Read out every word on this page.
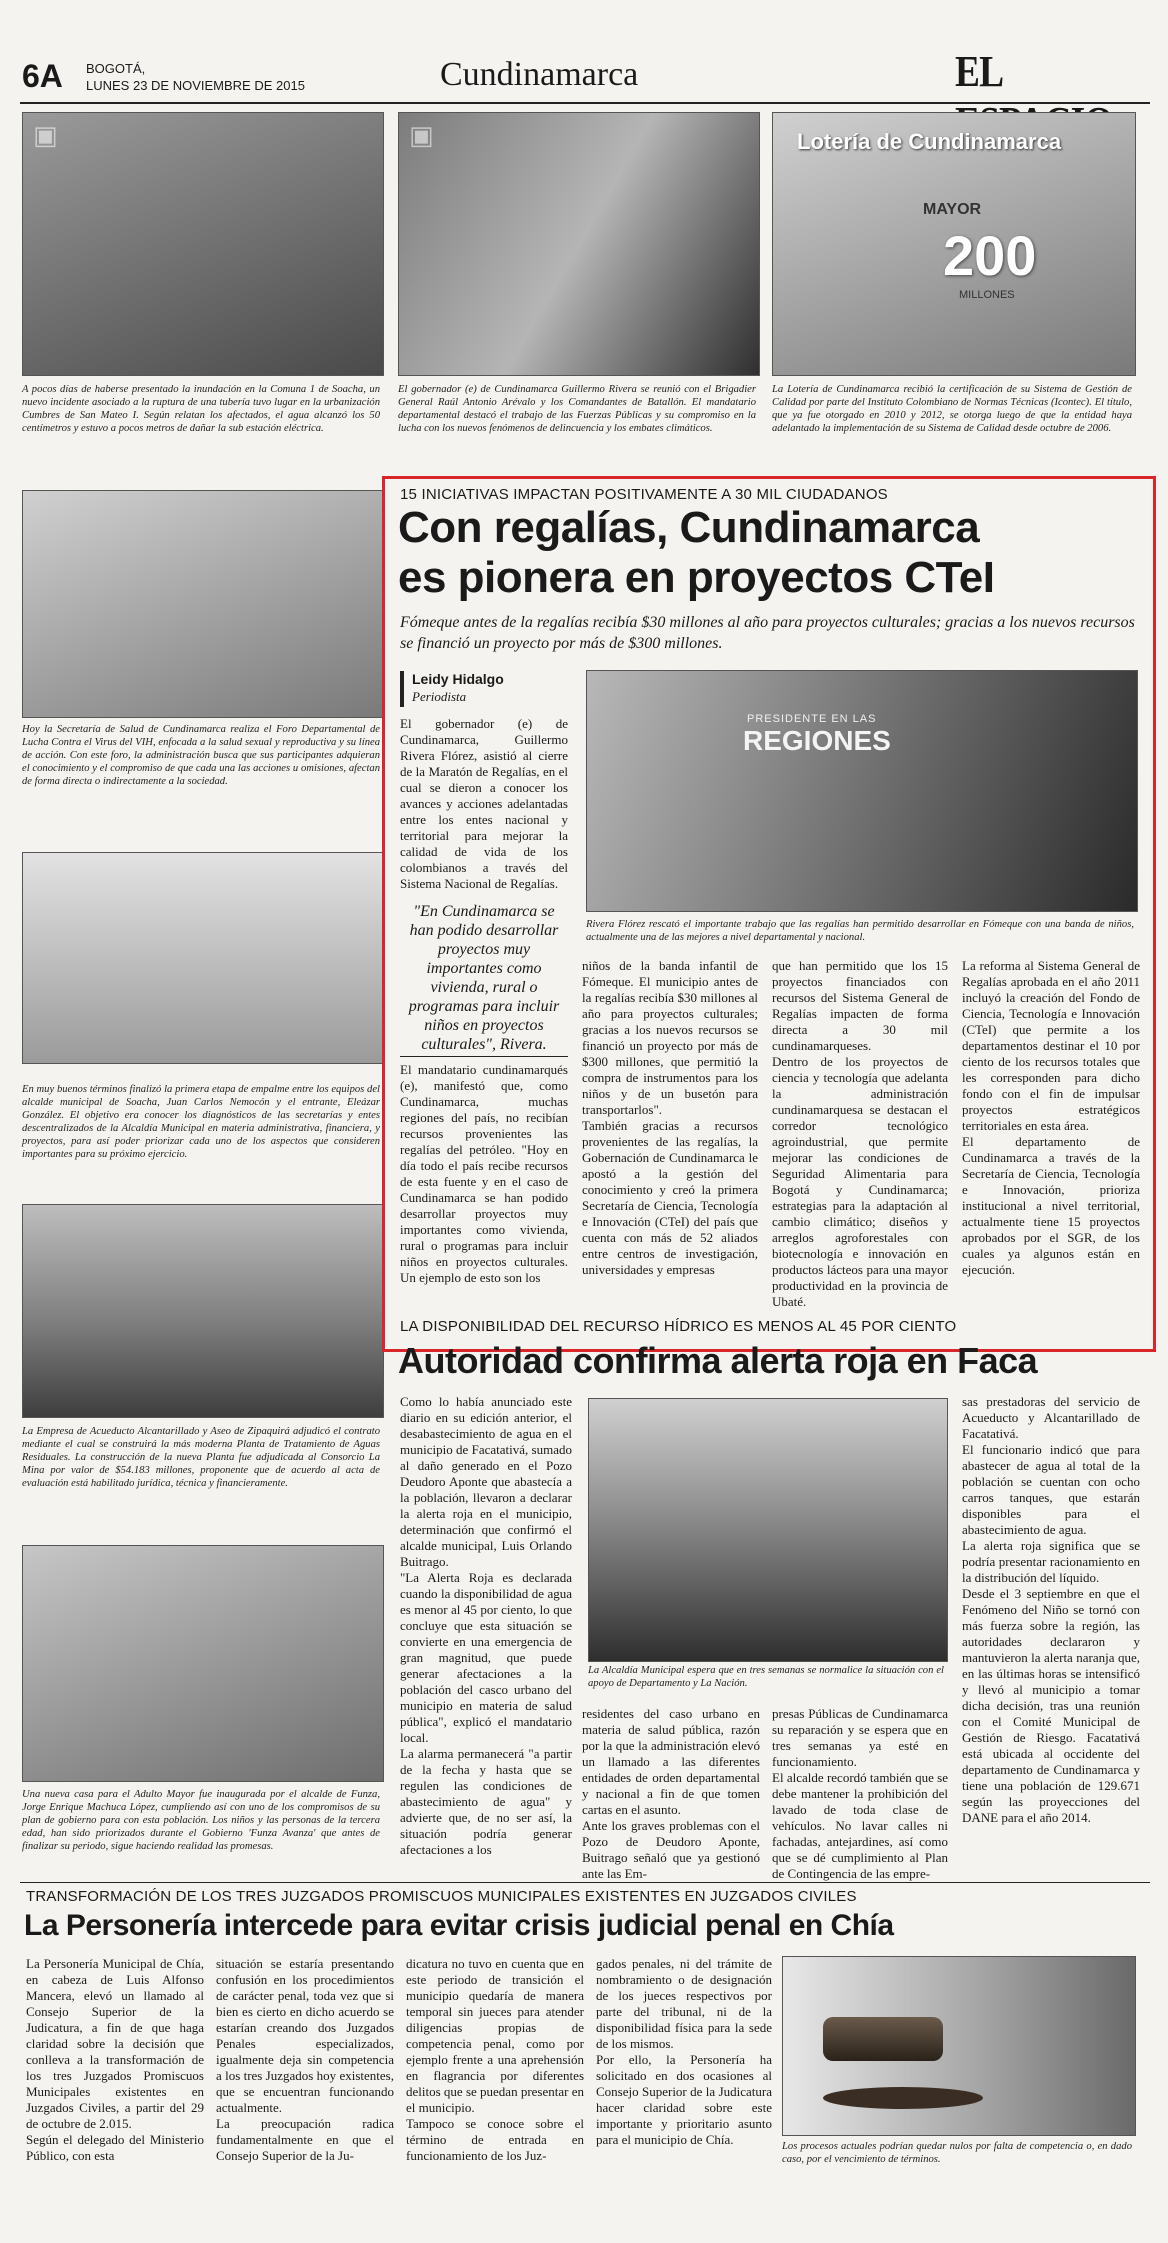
6A BOGOTÁ,
LUNES 23 DE NOVIEMBRE DE 2015	Cundinamarca	EL
▣
A pocos días de haberse presentado la inundación en la Comuna 1 de Soacha, un nuevo incidente asociado a la ruptura de una tubería tuvo lugar en la urbanización Cumbres de San Mateo I. Según relatan los afectados, el agua alcanzó los 50 centímetros y estuvo a pocos metros de dañar la sub estación eléctrica.
▣
El gobernador (e) de Cundinamarca Guillermo Rivera se reunió con el Brigadier General Raúl Antonio Arévalo y los Comandantes de Batallón. El mandatario departamental destacó el trabajo de las Fuerzas Públicas y su compromiso en la lucha con los nuevos fenómenos de delincuencia y los embates climáticos.
Lotería de Cundinamarca
MAYOR
200
MILLONES
La Lotería de Cundinamarca recibió la certificación de su Sistema de Gestión de Calidad por parte del Instituto Colombiano de Normas Técnicas (Icontec). El título, que ya fue otorgado en 2010 y 2012, se otorga luego de que la entidad haya adelantado la implementación de su Sistema de Calidad desde octubre de 2006.
Hoy la Secretaría de Salud de Cundinamarca realiza el Foro Departamental de Lucha Contra el Virus del VIH, enfocada a la salud sexual y reproductiva y su línea de acción. Con este foro, la administración busca que sus participantes adquieran el conocimiento y el compromiso de que cada una las acciones u omisiones, afectan de forma directa o indirectamente a la sociedad.
En muy buenos términos finalizó la primera etapa de empalme entre los equipos del alcalde municipal de Soacha, Juan Carlos Nemocón y el entrante, Eleázar González. El objetivo era conocer los diagnósticos de las secretarías y entes descentralizados de la Alcaldía Municipal en materia administrativa, financiera, y proyectos, para así poder priorizar cada uno de los aspectos que consideren importantes para su próximo ejercicio.
La Empresa de Acueducto Alcantarillado y Aseo de Zipaquirá adjudicó el contrato mediante el cual se construirá la más moderna Planta de Tratamiento de Aguas Residuales. La construcción de la nueva Planta fue adjudicada al Consorcio La Mina por valor de $54.183 millones, proponente que de acuerdo al acta de evaluación está habilitado jurídica, técnica y financieramente.
Una nueva casa para el Adulto Mayor fue inaugurada por el alcalde de Funza, Jorge Enrique Machuca López, cumpliendo así con uno de los compromisos de su plan de gobierno para con esta población. Los niños y las personas de la tercera edad, han sido priorizados durante el Gobierno 'Funza Avanza' que antes de finalizar su periodo, sigue haciendo realidad las promesas.
15 INICIATIVAS IMPACTAN POSITIVAMENTE A 30 MIL CIUDADANOS
Con regalías, Cundinamarca
es pionera en proyectos CTeI
Fómeque antes de la regalías recibía $30 millones al año para proyectos culturales; gracias a los nuevos recursos se financió un proyecto por más de $300 millones.
Leidy Hidalgo
Periodista
El gobernador (e) de Cundinamarca, Guillermo Rivera Flórez, asistió al cierre de la Maratón de Regalías, en el cual se dieron a conocer los avances y acciones adelantadas entre los entes nacional y territorial para mejorar la calidad de vida de los colombianos a través del Sistema Nacional de Regalías.
PRESIDENTE EN LAS
REGIONES
Rivera Flórez rescató el importante trabajo que las regalías han permitido desarrollar en Fómeque con una banda de niños, actualmente una de las mejores a nivel departamental y nacional.
"En Cundinamarca se han podido desarrollar proyectos muy importantes como vivienda, rural o programas para incluir niños en proyectos culturales", Rivera.
El mandatario cundinamarqués (e), manifestó que, como Cundinamarca, muchas regiones del país, no recibían recursos provenientes las regalías del petróleo. "Hoy en día todo el país recibe recursos de esta fuente y en el caso de Cundinamarca se han podido desarrollar proyectos muy importantes como vivienda, rural o programas para incluir niños en proyectos culturales. Un ejemplo de esto son los
niños de la banda infantil de Fómeque. El municipio antes de la regalías recibía $30 millones al año para proyectos culturales; gracias a los nuevos recursos se financió un proyecto por más de $300 millones, que permitió la compra de instrumentos para los niños y de un busetón para transportarlos".
También gracias a recursos provenientes de las regalías, la Gobernación de Cundinamarca le apostó a la gestión del conocimiento y creó la primera Secretaría de Ciencia, Tecnología e Innovación (CTeI) del país que cuenta con más de 52 aliados entre centros de investigación, universidades y empresas
que han permitido que los 15 proyectos financiados con recursos del Sistema General de Regalías impacten de forma directa a 30 mil cundinamarqueses.
Dentro de los proyectos de ciencia y tecnología que adelanta la administración cundinamarquesa se destacan el corredor tecnológico agroindustrial, que permite mejorar las condiciones de Seguridad Alimentaria para Bogotá y Cundinamarca; estrategias para la adaptación al cambio climático; diseños y arreglos agroforestales con biotecnología e innovación en productos lácteos para una mayor productividad en la provincia de Ubaté.
La reforma al Sistema General de Regalías aprobada en el año 2011 incluyó la creación del Fondo de Ciencia, Tecnología e Innovación (CTeI) que permite a los departamentos destinar el 10 por ciento de los recursos totales que les corresponden para dicho fondo con el fin de impulsar proyectos estratégicos territoriales en esta área.
El departamento de Cundinamarca a través de la Secretaría de Ciencia, Tecnología e Innovación, prioriza institucional a nivel territorial, actualmente tiene 15 proyectos aprobados por el SGR, de los cuales ya algunos están en ejecución.
LA DISPONIBILIDAD DEL RECURSO HÍDRICO ES MENOS AL 45 POR CIENTO
Autoridad confirma alerta roja en Faca
Como lo había anunciado este diario en su edición anterior, el desabastecimiento de agua en el municipio de Facatativá, sumado al daño generado en el Pozo Deudoro Aponte que abastecía a la población, llevaron a declarar la alerta roja en el municipio, determinación que confirmó el alcalde municipal, Luis Orlando Buitrago.
"La Alerta Roja es declarada cuando la disponibilidad de agua es menor al 45 por ciento, lo que concluye que esta situación se convierte en una emergencia de gran magnitud, que puede generar afectaciones a la población del casco urbano del municipio en materia de salud pública", explicó el mandatario local.
La alarma permanecerá "a partir de la fecha y hasta que se regulen las condiciones de abastecimiento de agua" y advierte que, de no ser así, la situación podría generar afectaciones a los
La Alcaldía Municipal espera que en tres semanas se normalice la situación con el apoyo de Departamento y La Nación.
residentes del caso urbano en materia de salud pública, razón por la que la administración elevó un llamado a las diferentes entidades de orden departamental y nacional a fin de que tomen cartas en el asunto.
Ante los graves problemas con el Pozo de Deudoro Aponte, Buitrago señaló que ya gestionó ante las Em-
presas Públicas de Cundinamarca su reparación y se espera que en tres semanas ya esté en funcionamiento.
El alcalde recordó también que se debe mantener la prohibición del lavado de toda clase de vehículos. No lavar calles ni fachadas, antejardines, así como que se dé cumplimiento al Plan de Contingencia de las empre-
sas prestadoras del servicio de Acueducto y Alcantarillado de Facatativá.
El funcionario indicó que para abastecer de agua al total de la población se cuentan con ocho carros tanques, que estarán disponibles para el abastecimiento de agua.
La alerta roja significa que se podría presentar racionamiento en la distribución del líquido.
Desde el 3 septiembre en que el Fenómeno del Niño se tornó con más fuerza sobre la región, las autoridades declararon y mantuvieron la alerta naranja que, en las últimas horas se intensificó y llevó al municipio a tomar dicha decisión, tras una reunión con el Comité Municipal de Gestión de Riesgo. Facatativá está ubicada al occidente del departamento de Cundinamarca y tiene una población de 129.671 según las proyecciones del DANE para el año 2014.
TRANSFORMACIÓN DE LOS TRES JUZGADOS PROMISCUOS MUNICIPALES EXISTENTES EN JUZGADOS CIVILES
La Personería intercede para evitar crisis judicial penal en Chía
La Personería Municipal de Chía, en cabeza de Luis Alfonso Mancera, elevó un llamado al Consejo Superior de la Judicatura, a fin de que haga claridad sobre la decisión que conlleva a la transformación de los tres Juzgados Promiscuos Municipales existentes en Juzgados Civiles, a partir del 29 de octubre de 2.015.
Según el delegado del Ministerio Público, con esta
situación se estaría presentando confusión en los procedimientos de carácter penal, toda vez que si bien es cierto en dicho acuerdo se estarían creando dos Juzgados Penales especializados, igualmente deja sin competencia a los tres Juzgados hoy existentes, que se encuentran funcionando actualmente.
La preocupación radica fundamentalmente en que el Consejo Superior de la Ju-
dicatura no tuvo en cuenta que en este periodo de transición el municipio quedaría de manera temporal sin jueces para atender diligencias propias de competencia penal, como por ejemplo frente a una aprehensión en flagrancia por diferentes delitos que se puedan presentar en el municipio.
Tampoco se conoce sobre el término de entrada en funcionamiento de los Juz-
gados penales, ni del trámite de nombramiento o de designación de los jueces respectivos por parte del tribunal, ni de la disponibilidad física para la sede de los mismos.
Por ello, la Personería ha solicitado en dos ocasiones al Consejo Superior de la Judicatura hacer claridad sobre este importante y prioritario asunto para el municipio de Chía.	Los procesos actuales podrían quedar nulos por falta de competencia o, en dado caso, por el vencimiento de términos.
